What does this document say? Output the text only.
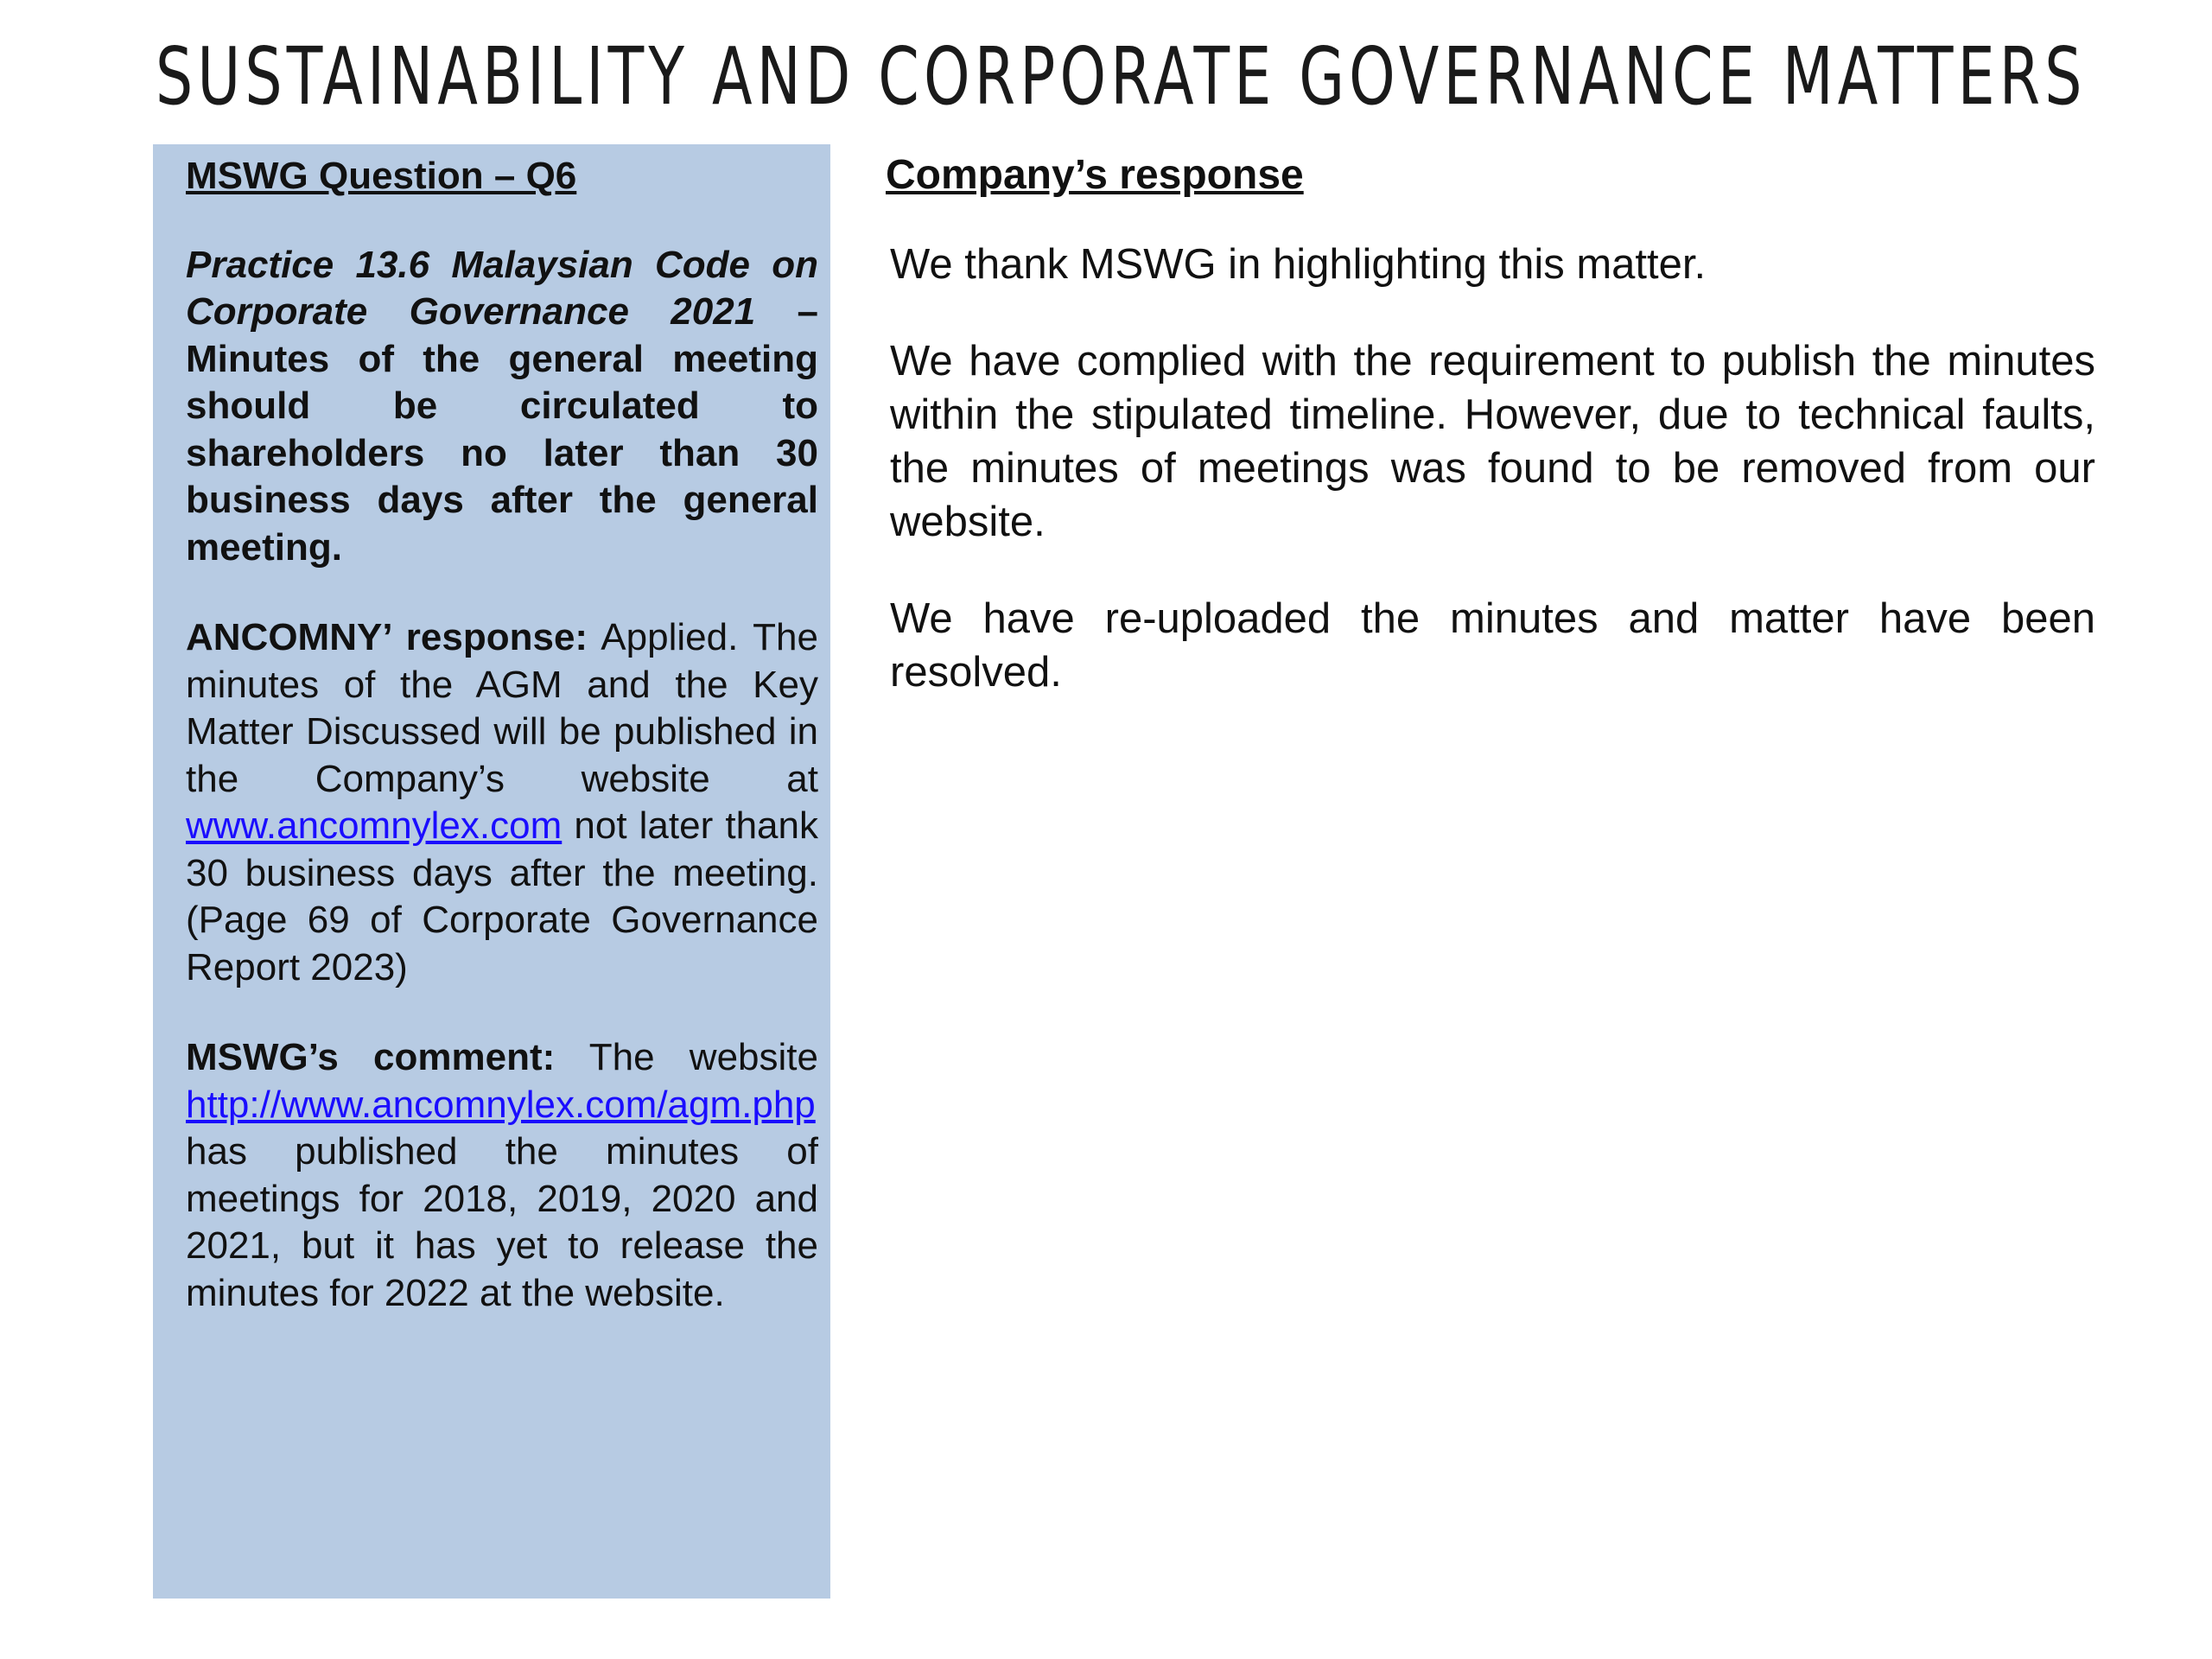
SUSTAINABILITY AND CORPORATE GOVERNANCE MATTERS

MSWG Question – Q6

Practice 13.6 Malaysian Code on Corporate Governance 2021 – Minutes of the general meeting should be circulated to shareholders no later than 30 business days after the general meeting.

ANCOMNY’ response: Applied. The minutes of the AGM and the Key Matter Discussed will be published in the Company’s website at www.ancomnylex.com not later thank 30 business days after the meeting. (Page 69 of Corporate Governance Report 2023)

MSWG’s comment: The website http://www.ancomnylex.com/agm.php has published the minutes of meetings for 2018, 2019, 2020 and 2021, but it has yet to release the minutes for 2022 at the website.

Company’s response

We thank MSWG in highlighting this matter.

We have complied with the requirement to publish the minutes within the stipulated timeline. However, due to technical faults, the minutes of meetings was found to be removed from our website.

We have re-uploaded the minutes and matter have been resolved.
